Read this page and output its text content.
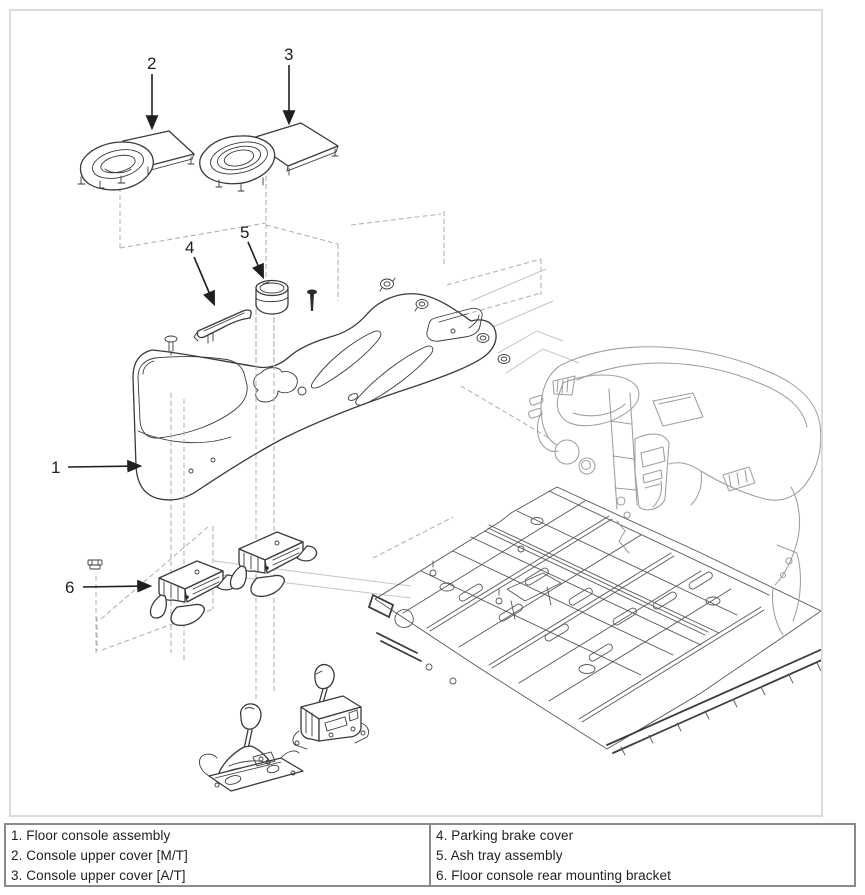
2	3
4
5
1
6
1. Floor console assembly
2. Console upper cover [M/T]
3. Console upper cover [A/T]
4. Parking brake cover
5. Ash tray assembly
6. Floor console rear mounting bracket
